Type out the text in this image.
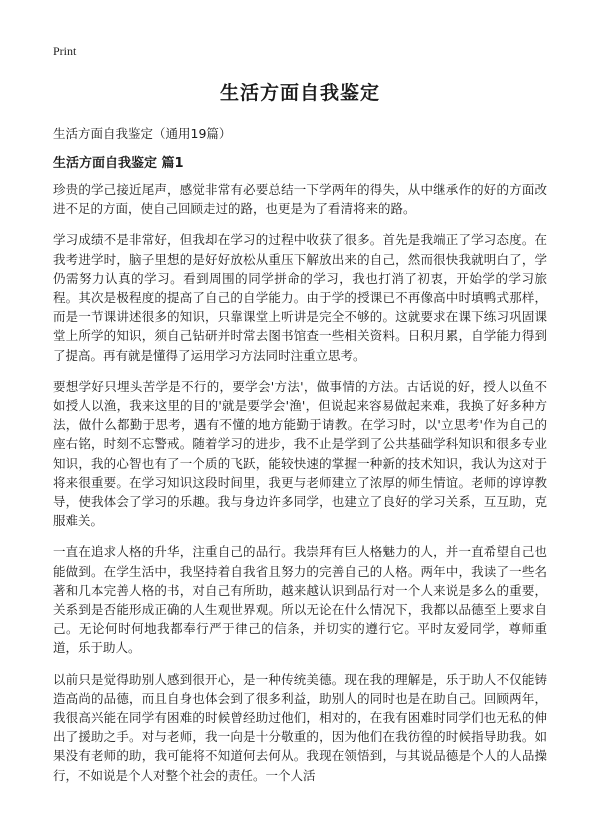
Print
生活方面自我鉴定
生活方面自我鉴定（通用19篇）
生活方面自我鉴定 篇1

珍贵的学己接近尾声，感觉非常有必要总结一下学两年的得失，从中继承作的好的方面改进不足的方面，使自己回顾走过的路，也更是为了看清将来的路。

学习成绩不是非常好，但我却在学习的过程中收获了很多。首先是我端正了学习态度。在我考进学时，脑子里想的是好好放松从重压下解放出来的自己，然而很快我就明白了，学仍需努力认真的学习。看到周围的同学拼命的学习，我也打消了初衷，开始学的学习旅程。其次是极程度的提高了自己的自学能力。由于学的授课已不再像高中时填鸭式那样，而是一节课讲述很多的知识，只靠课堂上听讲是完全不够的。这就要求在课下练习巩固课堂上所学的知识，须自己钻研并时常去图书馆查一些相关资料。日积月累，自学能力得到了提高。再有就是懂得了运用学习方法同时注重立思考。

要想学好只埋头苦学是不行的，要学会'方法'，做事情的方法。古话说的好，授人以鱼不如授人以渔，我来这里的目的'就是要学会'渔'，但说起来容易做起来难，我换了好多种方法，做什么都勤于思考，遇有不懂的地方能勤于请教。在学习时，以'立思考'作为自己的座右铭，时刻不忘警戒。随着学习的进步，我不止是学到了公共基础学科知识和很多专业知识，我的心智也有了一个质的飞跃，能较快速的掌握一种新的技术知识，我认为这对于将来很重要。在学习知识这段时间里，我更与老师建立了浓厚的师生情谊。老师的谆谆教导，使我体会了学习的乐趣。我与身边许多同学，也建立了良好的学习关系，互互助，克服难关。

一直在追求人格的升华，注重自己的品行。我崇拜有巨人格魅力的人，并一直希望自己也能做到。在学生活中，我坚持着自我省且努力的完善自己的人格。两年中，我读了一些名著和几本完善人格的书，对自己有所助，越来越认识到品行对一个人来说是多么的重要，关系到是否能形成正确的人生观世界观。所以无论在什么情况下，我都以品德至上要求自己。无论何时何地我都奉行严于律己的信条，并切实的遵行它。平时友爱同学，尊师重道，乐于助人。

以前只是觉得助别人感到很开心，是一种传统美德。现在我的理解是，乐于助人不仅能铸造高尚的品德，而且自身也体会到了很多利益，助别人的同时也是在助自己。回顾两年，我很高兴能在同学有困难的时候曾经助过他们，相对的，在我有困难时同学们也无私的伸出了援助之手。对与老师，我一向是十分敬重的，因为他们在我彷徨的时候指导助我。如果没有老师的助，我可能将不知道何去何从。我现在领悟到，与其说品德是个人的人品操行，不如说是个人对整个社会的责任。一个人活
